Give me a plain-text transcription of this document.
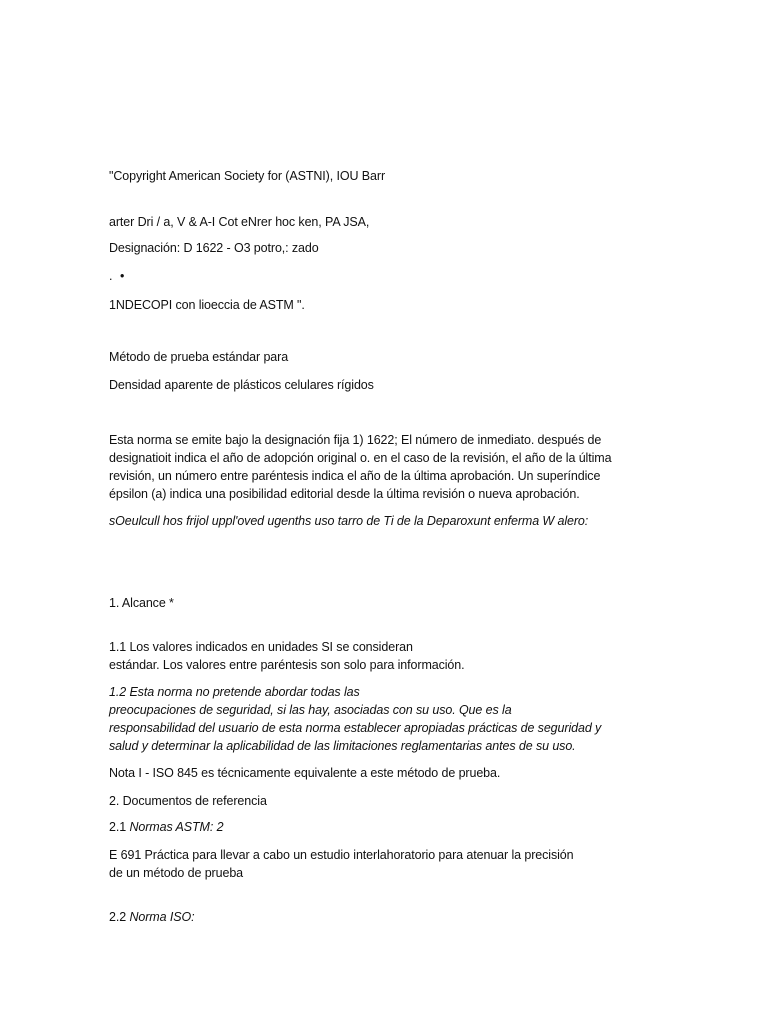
"Copyright American Society for (ASTNI), IOU Barr
arter Dri / a, V & A-I Cot eNrer hoc ken, PA JSA,
Designación: D 1622 - O3 potro,: zado
. •
1NDECOPI con lioeccia de ASTM ".
Método de prueba estándar para
Densidad aparente de plásticos celulares rígidos
Esta norma se emite bajo la designación fija 1) 1622; El número de inmediato. después de
designatioit indica el año de adopción original o. en el caso de la revisión, el año de la última
revisión, un número entre paréntesis indica el año de la última aprobación. Un superíndice
épsilon (a) indica una posibilidad editorial desde la última revisión o nueva aprobación.
sOeulcull hos frijol uppl'oved ugenths uso tarro de Ti de la Deparoxunt enferma W alero:
1. Alcance *
1.1 Los valores indicados en unidades SI se consideran
estándar. Los valores entre paréntesis son solo para información.
1.2 Esta norma no pretende abordar todas las
preocupaciones de seguridad, si las hay, asociadas con su uso. Que es la
responsabilidad del usuario de esta norma establecer apropiadas prácticas de seguridad y
salud y determinar la aplicabilidad de las limitaciones reglamentarias antes de su uso.
Nota I - ISO 845 es técnicamente equivalente a este método de prueba.
2. Documentos de referencia
2.1 Normas ASTM: 2
E 691 Práctica para llevar a cabo un estudio interlahoratorio para atenuar la precisión
de un método de prueba
2.2 Norma ISO:
